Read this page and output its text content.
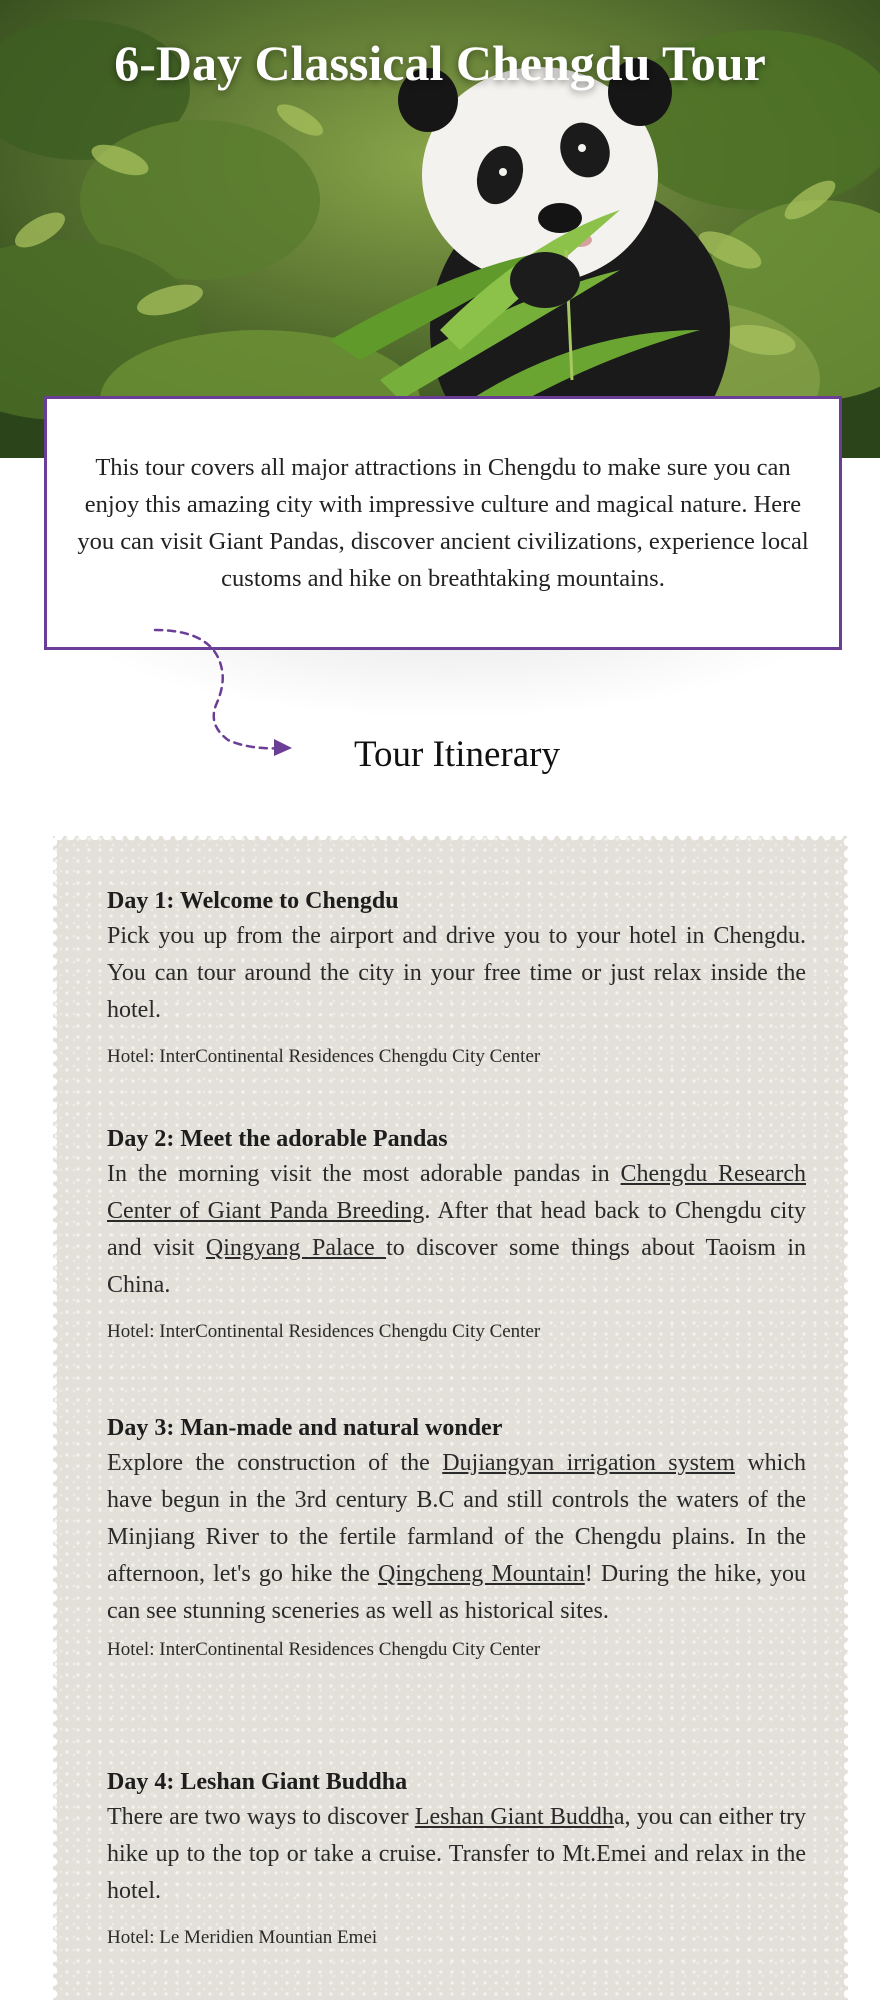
6-Day Classical Chengdu Tour

This tour covers all major attractions in Chengdu to make sure you can enjoy this amazing city with impressive culture and magical nature. Here you can visit Giant Pandas, discover ancient civilizations, experience local customs and hike on breathtaking mountains.

Tour Itinerary

Day 1: Welcome to Chengdu

Pick you up from the airport and drive you to your hotel in Chengdu. You can tour around the city in your free time or just relax inside the hotel.

Hotel: InterContinental Residences Chengdu City Center

Day 2: Meet the adorable Pandas

In the morning visit the most adorable pandas in Chengdu Research Center of Giant Panda Breeding. After that head back to Chengdu city and visit Qingyang Palace to discover some things about Taoism in China.

Hotel: InterContinental Residences Chengdu City Center

Day 3: Man-made and natural wonder

Explore the construction of the Dujiangyan irrigation system which have begun in the 3rd century B.C and still controls the waters of the Minjiang River to the fertile farmland of the Chengdu plains. In the afternoon, let's go hike the Qingcheng Mountain! During the hike, you can see stunning sceneries as well as historical sites.

Hotel: InterContinental Residences Chengdu City Center

Day 4: Leshan Giant Buddha

There are two ways to discover Leshan Giant Buddha, you can either try hike up to the top or take a cruise. Transfer to Mt.Emei and relax in the hotel.

Hotel: Le Meridien Mountian Emei
